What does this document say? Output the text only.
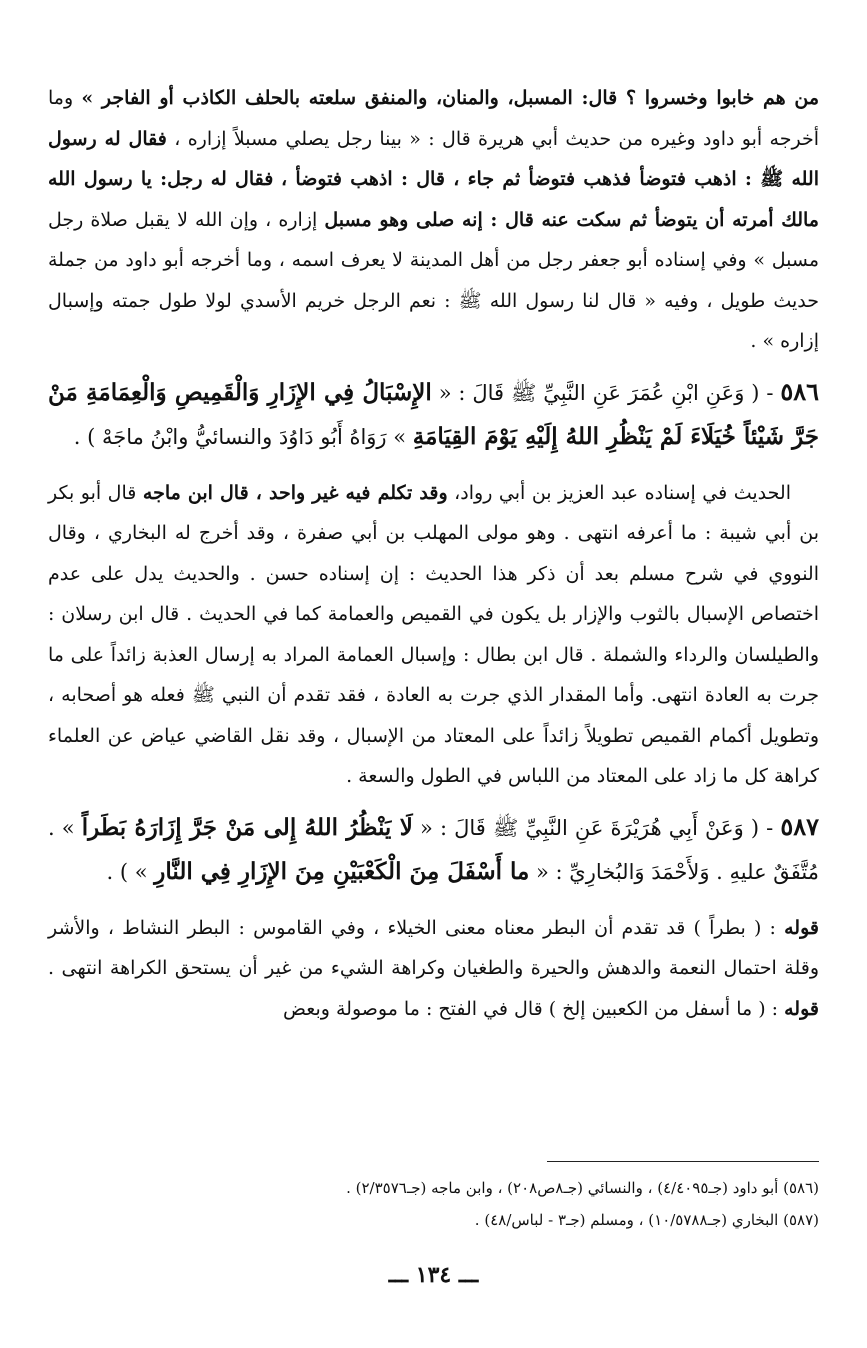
من هم خابوا وخسروا ؟ قال: المسبل، والمنان، والمنفق سلعته بالحلف الكاذب أو الفاجر » وما أخرجه أبو داود وغيره من حديث أبي هريرة قال : « بينا رجل يصلي مسبلاً إزاره ، فقال له رسول الله ﷺ : اذهب فتوضأ فذهب فتوضأ ثم جاء ، قال : اذهب فتوضأ ، فقال له رجل: يا رسول الله مالك أمرته أن يتوضأ ثم سكت عنه قال : إنه صلى وهو مسبل إزاره ، وإن الله لا يقبل صلاة رجل مسبل » وفي إسناده أبو جعفر رجل من أهل المدينة لا يعرف اسمه ، وما أخرجه أبو داود من جملة حديث طويل ، وفيه « قال لنا رسول الله ﷺ : نعم الرجل خريم الأسدي لولا طول جمته وإسبال إزاره » .

٥٨٦ - ( وَعَنِ ابْنِ عُمَرَ عَنِ النَّبِيِّ ﷺ قَالَ : « الإِسْبَالُ فِي الإِزَارِ وَالْقَمِيصِ وَالْعِمَامَةِ مَنْ جَرَّ شَيْئاً خُيَلَاءَ لَمْ يَنْظُرِ اللهُ إِلَيْهِ يَوْمَ القِيَامَةِ » رَوَاهُ أَبُو دَاوُدَ والنسائيُّ وابْنُ ماجَهْ ) .

الحديث في إسناده عبد العزيز بن أبي رواد، وقد تكلم فيه غير واحد ، قال ابن ماجه قال أبو بكر بن أبي شيبة : ما أعرفه انتهى . وهو مولى المهلب بن أبي صفرة ، وقد أخرج له البخاري ، وقال النووي في شرح مسلم بعد أن ذكر هذا الحديث : إن إسناده حسن . والحديث يدل على عدم اختصاص الإسبال بالثوب والإزار بل يكون في القميص والعمامة كما في الحديث . قال ابن رسلان : والطيلسان والرداء والشملة . قال ابن بطال : وإسبال العمامة المراد به إرسال العذبة زائداً على ما جرت به العادة انتهى. وأما المقدار الذي جرت به العادة ، فقد تقدم أن النبي ﷺ فعله هو أصحابه ، وتطويل أكمام القميص تطويلاً زائداً على المعتاد من الإسبال ، وقد نقل القاضي عياض عن العلماء كراهة كل ما زاد على المعتاد من اللباس في الطول والسعة .

٥٨٧ - ( وَعَنْ أَبِي هُرَيْرَةَ عَنِ النَّبِيِّ ﷺ قَالَ : « لَا يَنْظُرُ اللهُ إِلى مَنْ جَرَّ إِزَارَهُ بَطَراً » . مُتَّفَقٌ عليهِ . وَلأَحْمَدَ وَالبُخارِيِّ : « ما أَسْفَلَ مِنَ الْكَعْبَيْنِ مِنَ الإِزَارِ فِي النَّارِ » ) .

قوله : ( بطراً ) قد تقدم أن البطر معناه معنى الخيلاء ، وفي القاموس : البطر النشاط ، والأشر وقلة احتمال النعمة والدهش والحيرة والطغيان وكراهة الشيء من غير أن يستحق الكراهة انتهى . قوله : ( ما أسفل من الكعبين إلخ ) قال في الفتح : ما موصولة وبعض

(٥٨٦) أبو داود (جـ٤/٤٠٩٥) ، والنسائي (جـ٨ص٢٠٨) ، وابن ماجه (جـ٢/٣٥٧٦) .
(٥٨٧) البخاري (جـ١٠/٥٧٨٨) ، ومسلم (جـ٣ - لباس/٤٨) .
ـــ ١٣٤ ـــ
